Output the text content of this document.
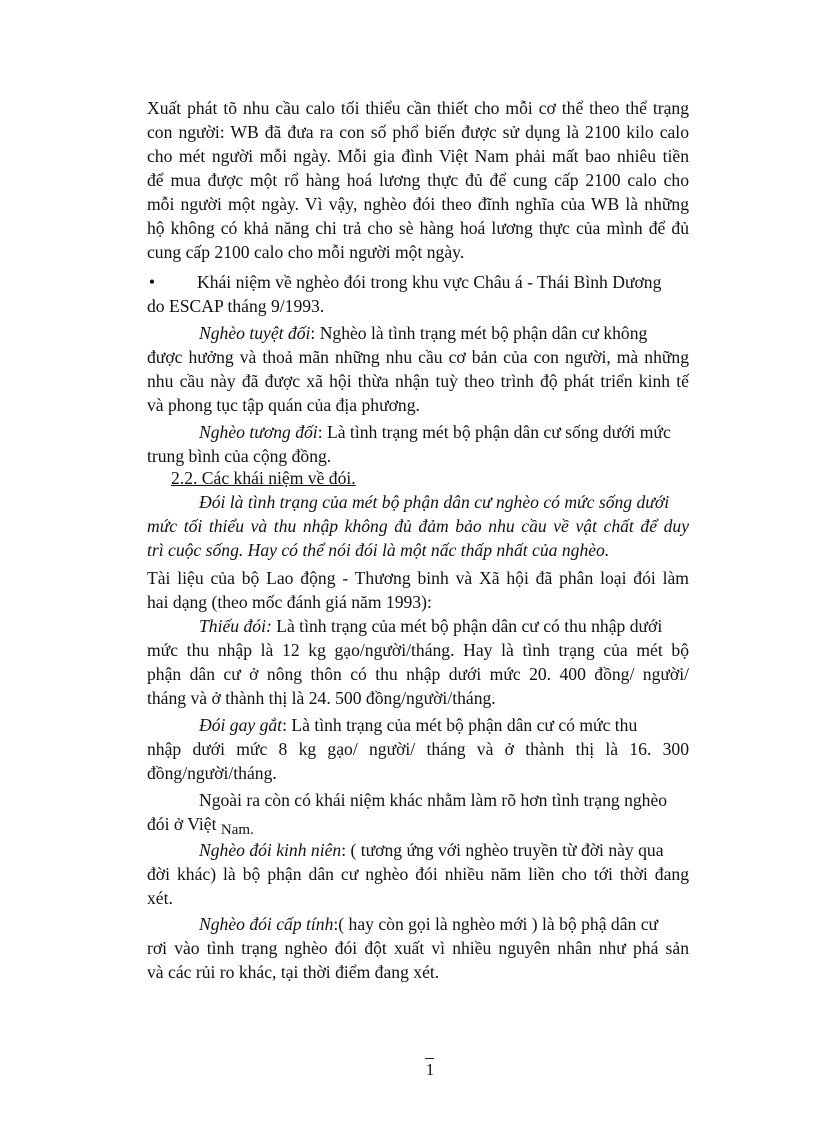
Xuất phát tõ nhu cầu calo tối thiểu cần thiết cho mỗi cơ thể theo thể trạng
con người: WB đã đưa ra con số phổ biến được sử dụng là 2100 kilo calo
cho mét người mỗi ngày. Mỗi gia đình Việt Nam phải mất bao nhiêu tiền
để mua được một rổ hàng hoá lương thực đủ để cung cấp 2100 calo cho
mỗi người một ngày. Vì vậy, nghèo đói theo đĩnh nghĩa của WB là những
hộ không có khả năng chi trả cho sè hàng hoá lương thực của mình để đủ
cung cấp 2100 calo cho mỗi người một ngày.
• Khái niệm về nghèo đói trong khu vực Châu á - Thái Bình Dương
do ESCAP tháng 9/1993.
Nghèo tuyệt đối: Nghèo là tình trạng mét bộ phận dân cư không
được hưởng và thoả mãn những nhu cầu cơ bản của con người, mà những
nhu cầu này đã được xã hội thừa nhận tuỳ theo trình độ phát triển kinh tế
và phong tục tập quán của địa phương.
Nghèo tương đối: Là tình trạng mét bộ phận dân cư sống dưới mức
trung bình của cộng đồng.
2.2. Các khái niệm về đói.
Đói là tình trạng của mét bộ phận dân cư nghèo có mức sống dưới
mức tối thiểu và thu nhập không đủ đảm bảo nhu cầu về vật chất để duy
trì cuộc sống. Hay có thể nói đói là một nấc thấp nhất của nghèo.
Tài liệu của bộ Lao động - Thương binh và Xã hội đã phân loại đói làm
hai dạng (theo mốc đánh giá năm 1993):
Thiếu đói: Là tình trạng của mét bộ phận dân cư có thu nhập dưới
mức thu nhập là 12 kg gạo/người/tháng. Hay là tình trạng của mét bộ
phận dân cư ở nông thôn có thu nhập dưới mức 20. 400 đồng/ người/
tháng và ở thành thị là 24. 500 đồng/người/tháng.
Đói gay gắt: Là tình trạng của mét bộ phận dân cư có mức thu
nhập dưới mức 8 kg gạo/ người/ tháng và ở thành thị là 16. 300
đồng/người/tháng.
Ngoài ra còn có khái niệm khác nhằm làm rõ hơn tình trạng nghèo
đói ở Việt Nam.
Nghèo đói kinh niên: ( tương ứng với nghèo truyền từ đời này qua
đời khác) là bộ phận dân cư nghèo đói nhiều năm liền cho tới thời đang
xét.
Nghèo đói cấp tính:( hay còn gọi là nghèo mới ) là bộ phậ dân cư
rơi vào tình trạng nghèo đói đột xuất vì nhiều nguyên nhân như phá sản
và các rủi ro khác, tại thời điểm đang xét.
1
